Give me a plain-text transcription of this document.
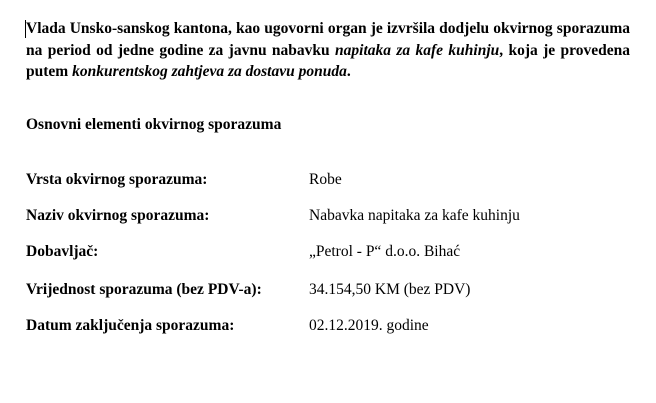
Vlada Unsko-sanskog kantona, kao ugovorni organ je izvršila dodjelu okvirnog sporazuma na period od jedne godine za javnu nabavku napitaka za kafe kuhinju, koja je provedena putem konkurentskog zahtjeva za dostavu ponuda.

Osnovni elementi okvirnog sporazuma

Vrsta okvirnog sporazuma:	Robe
Naziv okvirnog sporazuma:	Nabavka napitaka za kafe kuhinju
Dobavljač:	„Petrol - P“ d.o.o. Bihać
Vrijednost sporazuma (bez PDV-a):	34.154,50 KM (bez PDV)
Datum zaključenja sporazuma:	02.12.2019. godine
